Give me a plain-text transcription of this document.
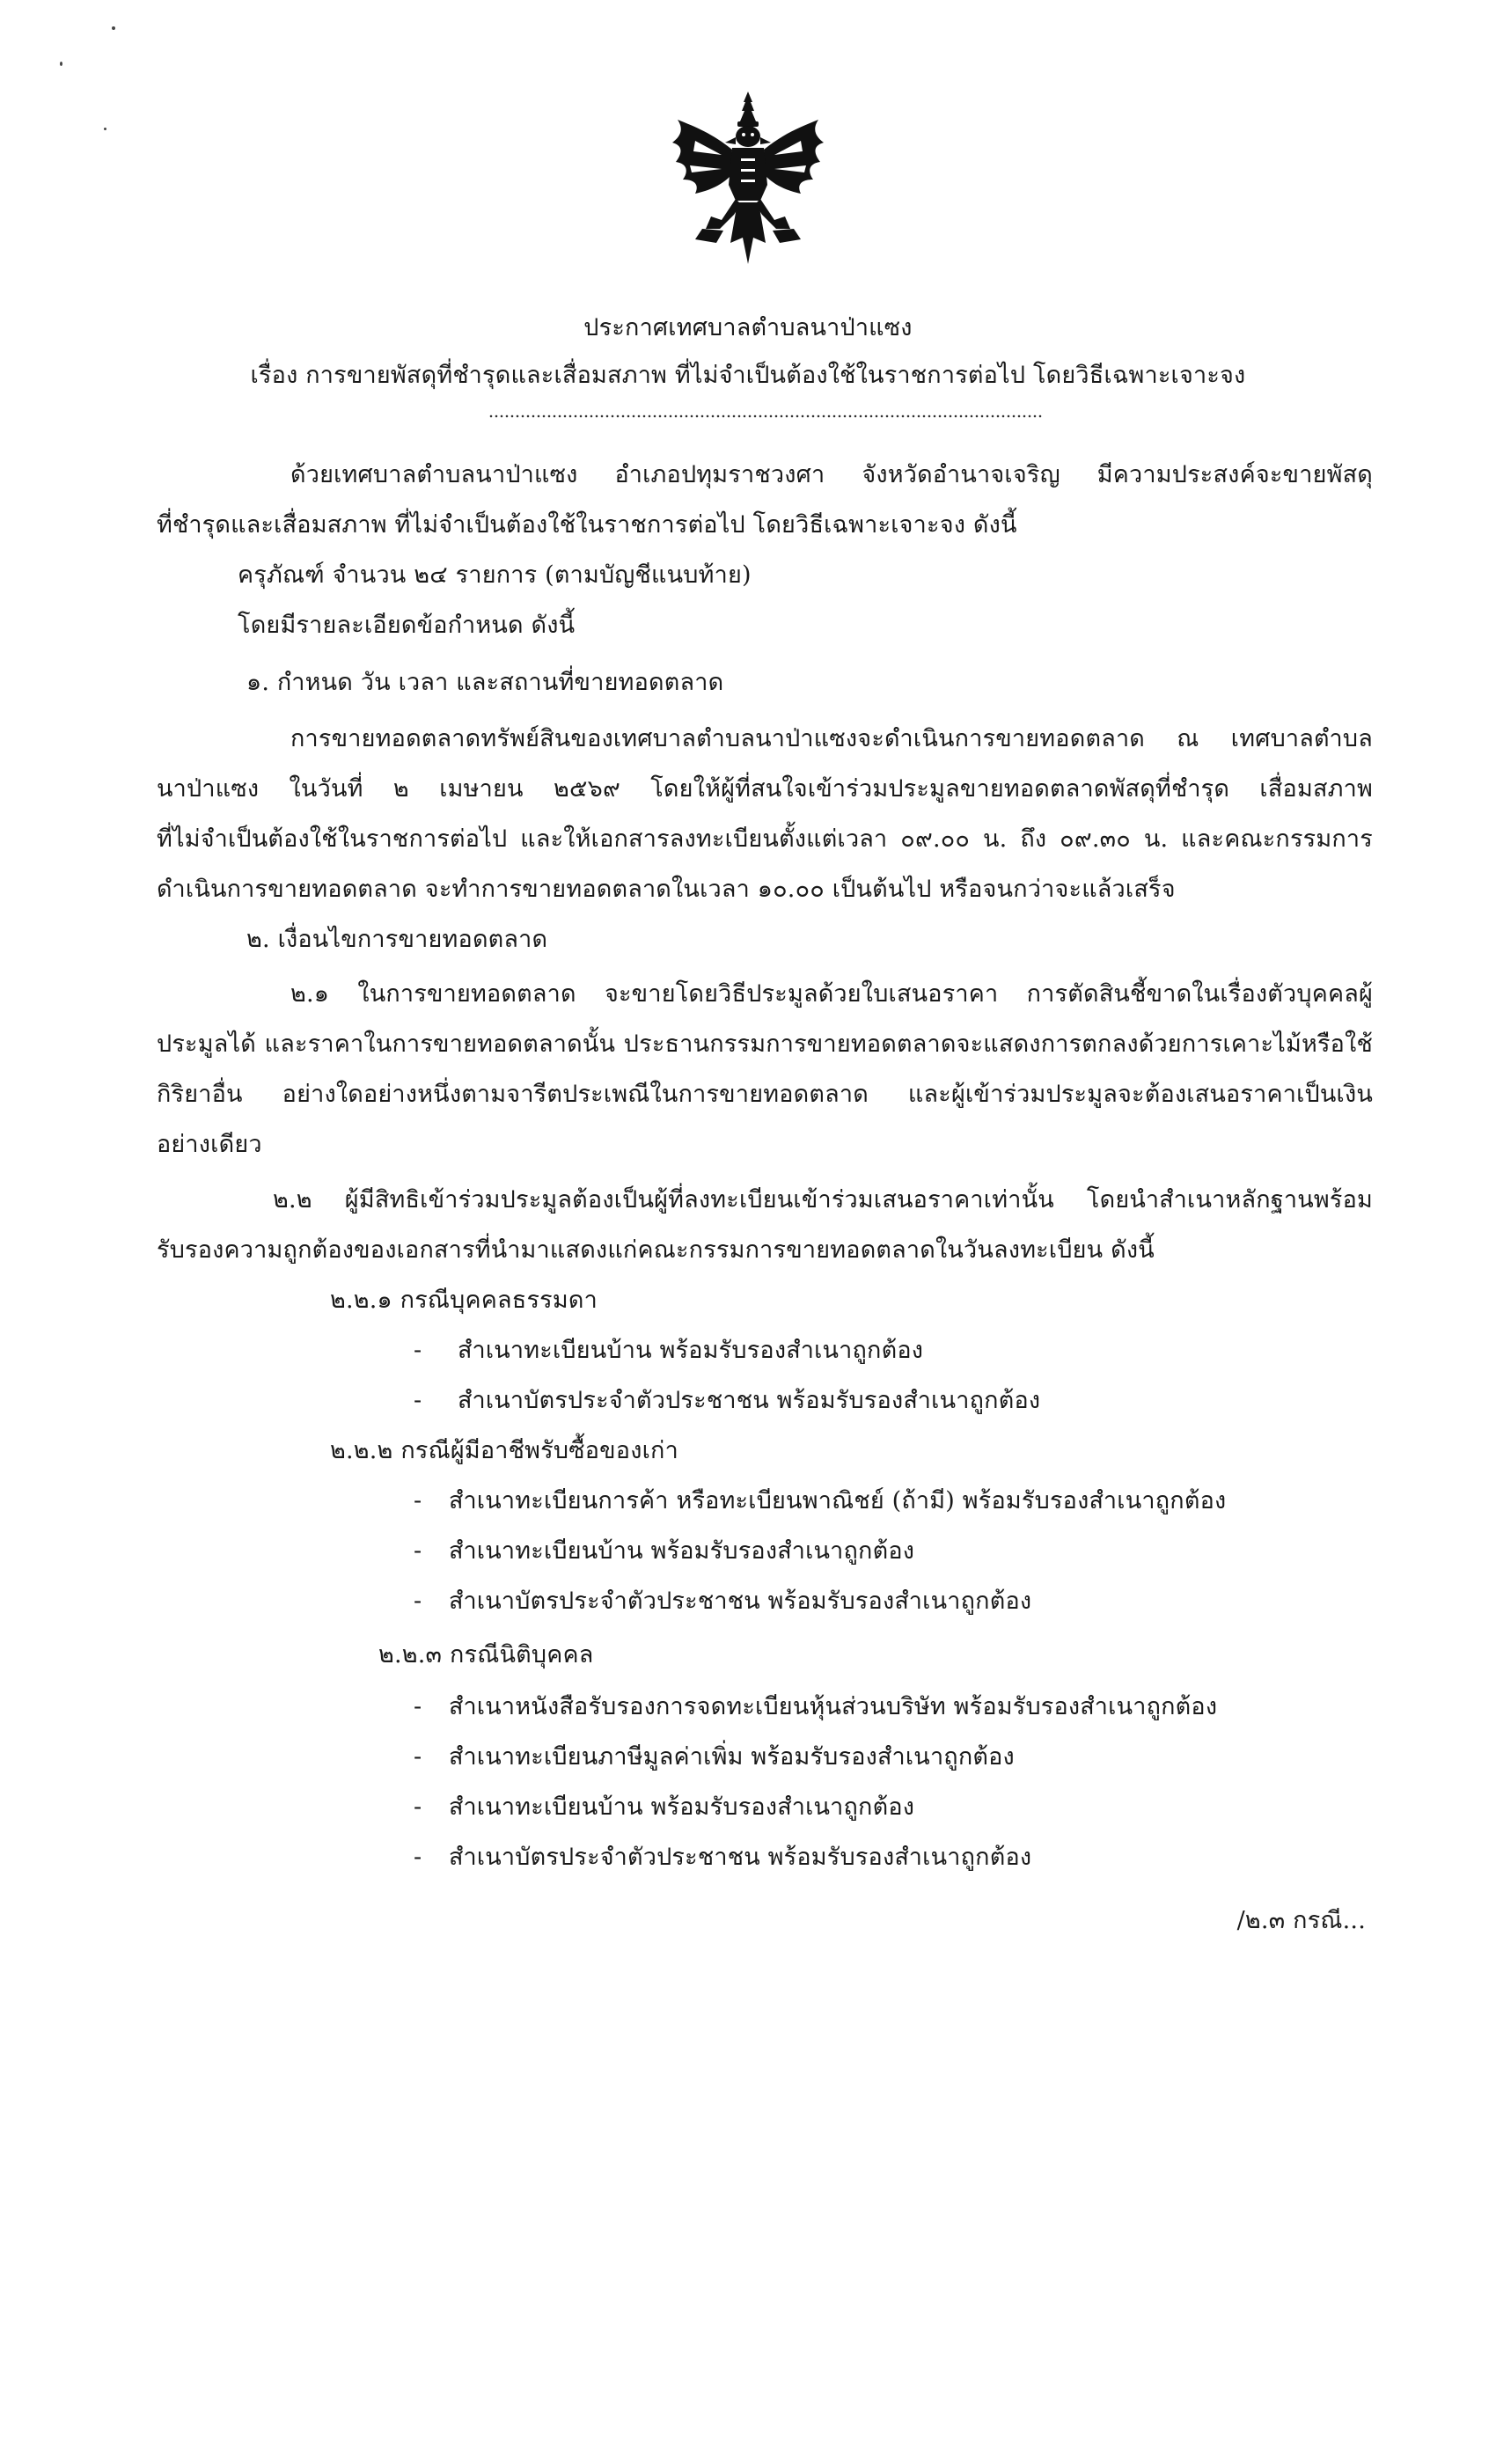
ประกาศเทศบาลตำบลนาป่าแซง
เรื่อง การขายพัสดุที่ชำรุดและเสื่อมสภาพ ที่ไม่จำเป็นต้องใช้ในราชการต่อไป โดยวิธีเฉพาะเจาะจง
ด้วยเทศบาลตำบลนาป่าแซง อำเภอปทุมราชวงศา จังหวัดอำนาจเจริญ มีความประสงค์จะขายพัสดุ
ที่ชำรุดและเสื่อมสภาพ ที่ไม่จำเป็นต้องใช้ในราชการต่อไป โดยวิธีเฉพาะเจาะจง ดังนี้
ครุภัณฑ์ จำนวน ๒๔ รายการ (ตามบัญชีแนบท้าย)
โดยมีรายละเอียดข้อกำหนด ดังนี้
๑. กำหนด วัน เวลา และสถานที่ขายทอดตลาด
การขายทอดตลาดทรัพย์สินของเทศบาลตำบลนาป่าแซงจะดำเนินการขายทอดตลาด ณ เทศบาลตำบล
นาป่าแซง ในวันที่ ๒ เมษายน ๒๕๖๙ โดยให้ผู้ที่สนใจเข้าร่วมประมูลขายทอดตลาดพัสดุที่ชำรุด เสื่อมสภาพ
ที่ไม่จำเป็นต้องใช้ในราชการต่อไป และให้เอกสารลงทะเบียนตั้งแต่เวลา ๐๙.๐๐ น. ถึง ๐๙.๓๐ น. และคณะกรรมการ
ดำเนินการขายทอดตลาด จะทำการขายทอดตลาดในเวลา ๑๐.๐๐ เป็นต้นไป หรือจนกว่าจะแล้วเสร็จ
๒. เงื่อนไขการขายทอดตลาด
๒.๑ ในการขายทอดตลาด จะขายโดยวิธีประมูลด้วยใบเสนอราคา การตัดสินชี้ขาดในเรื่องตัวบุคคลผู้
ประมูลได้ และราคาในการขายทอดตลาดนั้น ประธานกรรมการขายทอดตลาดจะแสดงการตกลงด้วยการเคาะไม้หรือใช้
กิริยาอื่น อย่างใดอย่างหนึ่งตามจารีตประเพณีในการขายทอดตลาด และผู้เข้าร่วมประมูลจะต้องเสนอราคาเป็นเงิน
อย่างเดียว
๒.๒ ผู้มีสิทธิเข้าร่วมประมูลต้องเป็นผู้ที่ลงทะเบียนเข้าร่วมเสนอราคาเท่านั้น โดยนำสำเนาหลักฐานพร้อม
รับรองความถูกต้องของเอกสารที่นำมาแสดงแก่คณะกรรมการขายทอดตลาดในวันลงทะเบียน ดังนี้
๒.๒.๑ กรณีบุคคลธรรมดา
- สำเนาทะเบียนบ้าน พร้อมรับรองสำเนาถูกต้อง
- สำเนาบัตรประจำตัวประชาชน พร้อมรับรองสำเนาถูกต้อง
๒.๒.๒ กรณีผู้มีอาชีพรับซื้อของเก่า
- สำเนาทะเบียนการค้า หรือทะเบียนพาณิชย์ (ถ้ามี) พร้อมรับรองสำเนาถูกต้อง
- สำเนาทะเบียนบ้าน พร้อมรับรองสำเนาถูกต้อง
- สำเนาบัตรประจำตัวประชาชน พร้อมรับรองสำเนาถูกต้อง
๒.๒.๓ กรณีนิติบุคคล
- สำเนาหนังสือรับรองการจดทะเบียนหุ้นส่วนบริษัท พร้อมรับรองสำเนาถูกต้อง
- สำเนาทะเบียนภาษีมูลค่าเพิ่ม พร้อมรับรองสำเนาถูกต้อง
- สำเนาทะเบียนบ้าน พร้อมรับรองสำเนาถูกต้อง
- สำเนาบัตรประจำตัวประชาชน พร้อมรับรองสำเนาถูกต้อง
/๒.๓ กรณี...
